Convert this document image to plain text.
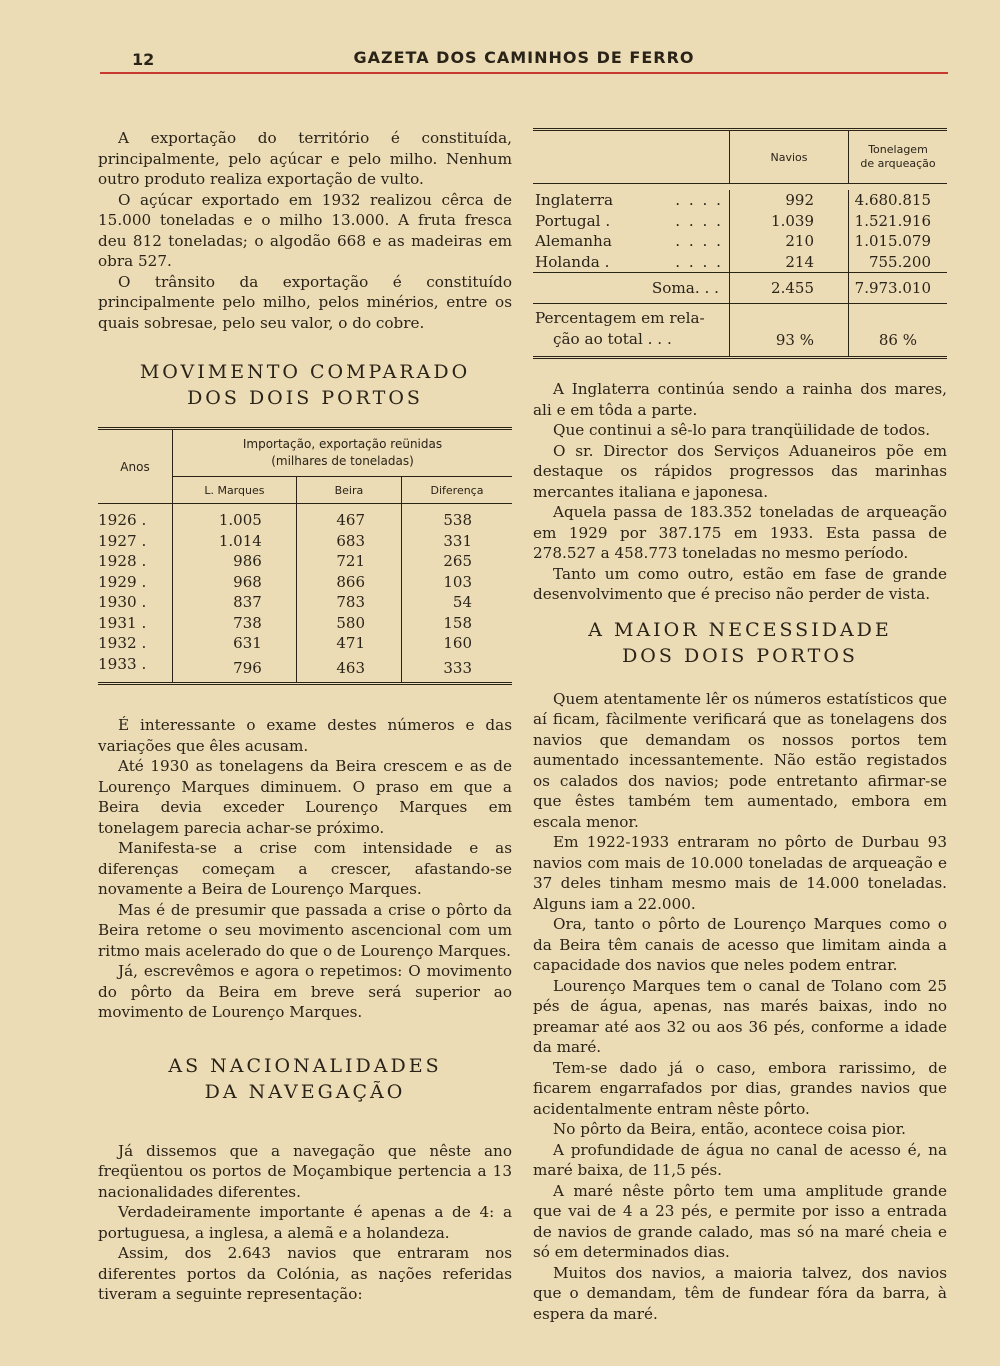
12	GAZETA DOS CAMINHOS DE FERRO

A exportação do território é constituída, principalmente, pelo açúcar e pelo milho. Nenhum outro produto realiza exportação de vulto.

O açúcar exportado em 1932 realizou cêrca de 15.000 toneladas e o milho 13.000. A fruta fresca deu 812 toneladas; o algodão 668 e as madeiras em obra 527.

O trânsito da exportação é constituído principalmente pelo milho, pelos minérios, entre os quais sobresae, pelo seu valor, o do cobre.

MOVIMENTO COMPARADO
DOS DOIS PORTOS
Anos	Importação, exportação reünidas
(milhares de toneladas)		
	L. Marques	Beira	Diferença
1926 .	1.005	467	538
1927 .	1.014	683	331
1928 .	986	721	265
1929 .	968	866	103
1930 .	837	783	54
1931 .	738	580	158
1932 .	631	471	160
1933 .	796	463	333

É interessante o exame destes números e das variações que êles acusam.

Até 1930 as tonelagens da Beira crescem e as de Lourenço Marques diminuem. O praso em que a Beira devia exceder Lourenço Marques em tonelagem parecia achar-se próximo.

Manifesta-se a crise com intensidade e as diferenças começam a crescer, afastando-se novamente a Beira de Lourenço Marques.

Mas é de presumir que passada a crise o pôrto da Beira retome o seu movimento ascencional com um ritmo mais acelerado do que o de Lourenço Marques.

Já, escrevêmos e agora o repetimos: O movimento do pôrto da Beira em breve será superior ao movimento de Lourenço Marques.

AS NACIONALIDADES
DA NAVEGAÇÃO

Já dissemos que a navegação que nêste ano freqüentou os portos de Moçambique pertencia a 13 nacionalidades diferentes.

Verdadeiramente importante é apenas a de 4: a portuguesa, a inglesa, a alemã e a holandeza.

Assim, dos 2.643 navios que entraram nos diferentes portos da Colónia, as nações referidas tiveram a seguinte representação:

	Navios	Tonelagem
de arqueação

Inglaterra . . . .	992	4.680.815
Portugal . . . . .	1.039	1.521.916
Alemanha . . . .	210	1.015.079
Holanda . . . . .	214	755.200
Soma. . .	2.455	7.973.010
Percentagem em rela-
ção ao total . . .	93 %	86 %

A Inglaterra continúa sendo a rainha dos mares, ali e em tôda a parte.

Que continui a sê-lo para tranqüilidade de todos.

O sr. Director dos Serviços Aduaneiros põe em destaque os rápidos progressos das marinhas mercantes italiana e japonesa.

Aquela passa de 183.352 toneladas de arqueação em 1929 por 387.175 em 1933. Esta passa de 278.527 a 458.773 toneladas no mesmo período.

Tanto um como outro, estão em fase de grande desenvolvimento que é preciso não perder de vista.

A MAIOR NECESSIDADE
DOS DOIS PORTOS

Quem atentamente lêr os números estatísticos que aí ficam, fàcilmente verificará que as tonelagens dos navios que demandam os nossos portos tem aumentado incessantemente. Não estão registados os calados dos navios; pode entretanto afirmar-se que êstes também tem aumentado, embora em escala menor.

Em 1922-1933 entraram no pôrto de Durbau 93 navios com mais de 10.000 toneladas de arqueação e 37 deles tinham mesmo mais de 14.000 toneladas. Alguns iam a 22.000.

Ora, tanto o pôrto de Lourenço Marques como o da Beira têm canais de acesso que limitam ainda a capacidade dos navios que neles podem entrar.

Lourenço Marques tem o canal de Tolano com 25 pés de água, apenas, nas marés baixas, indo no preamar até aos 32 ou aos 36 pés, conforme a idade da maré.

Tem-se dado já o caso, embora rarissimo, de ficarem engarrafados por dias, grandes navios que acidentalmente entram nêste pôrto.

No pôrto da Beira, então, acontece coisa pior.

A profundidade de água no canal de acesso é, na maré baixa, de 11,5 pés.

A maré nêste pôrto tem uma amplitude grande que vai de 4 a 23 pés, e permite por isso a entrada de navios de grande calado, mas só na maré cheia e só em determinados dias.

Muitos dos navios, a maioria talvez, dos navios que o demandam, têm de fundear fóra da barra, à espera da maré.
